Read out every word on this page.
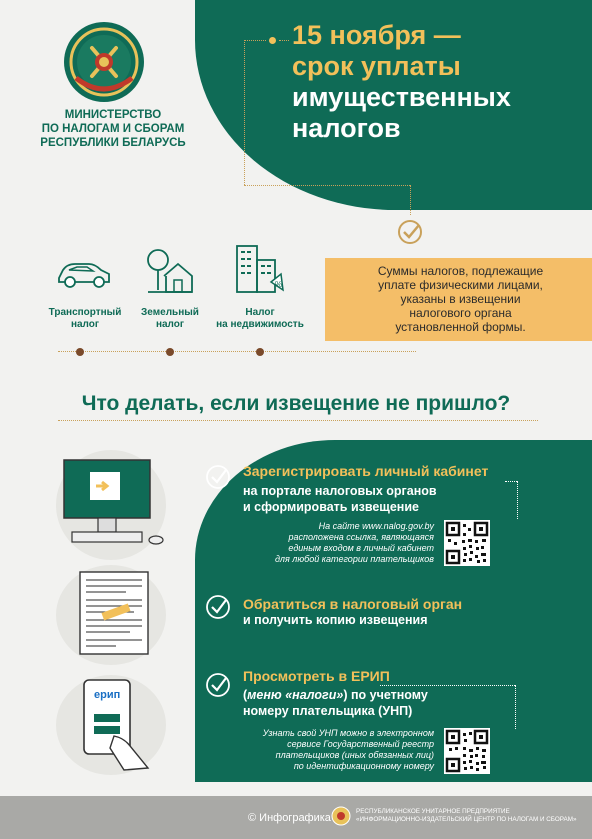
МИНИСТЕРСТВО
ПО НАЛОГАМ И СБОРАМ
РЕСПУБЛИКИ БЕЛАРУСЬ
15 ноября —
срок уплаты
имущественных
налогов
%
Транспортный
налог
Земельный
налог
Налог
на недвижимость
Суммы налогов, подлежащие
уплате физическими лицами,
указаны в извещении
налогового органа
установленной формы.
Что делать, если извещение не пришло?
ерип
Зарегистрировать личный кабинет
на портале налоговых органов
и сформировать извещение
На сайте www.nalog.gov.by
расположена ссылка, являющаяся
единым входом в личный кабинет
для любой категории плательщиков
Обратиться в налоговый орган
и получить копию извещения
Просмотреть в ЕРИП
(меню «налоги») по учетному
номеру плательщика (УНП)
Узнать свой УНП можно в электронном
сервисе Государственный реестр
плательщиков (иных обязанных лиц)
по идентификационному номеру
© Инфографика
РЕСПУБЛИКАНСКОЕ УНИТАРНОЕ ПРЕДПРИЯТИЕ
«ИНФОРМАЦИОННО-ИЗДАТЕЛЬСКИЙ ЦЕНТР ПО НАЛОГАМ И СБОРАМ»
